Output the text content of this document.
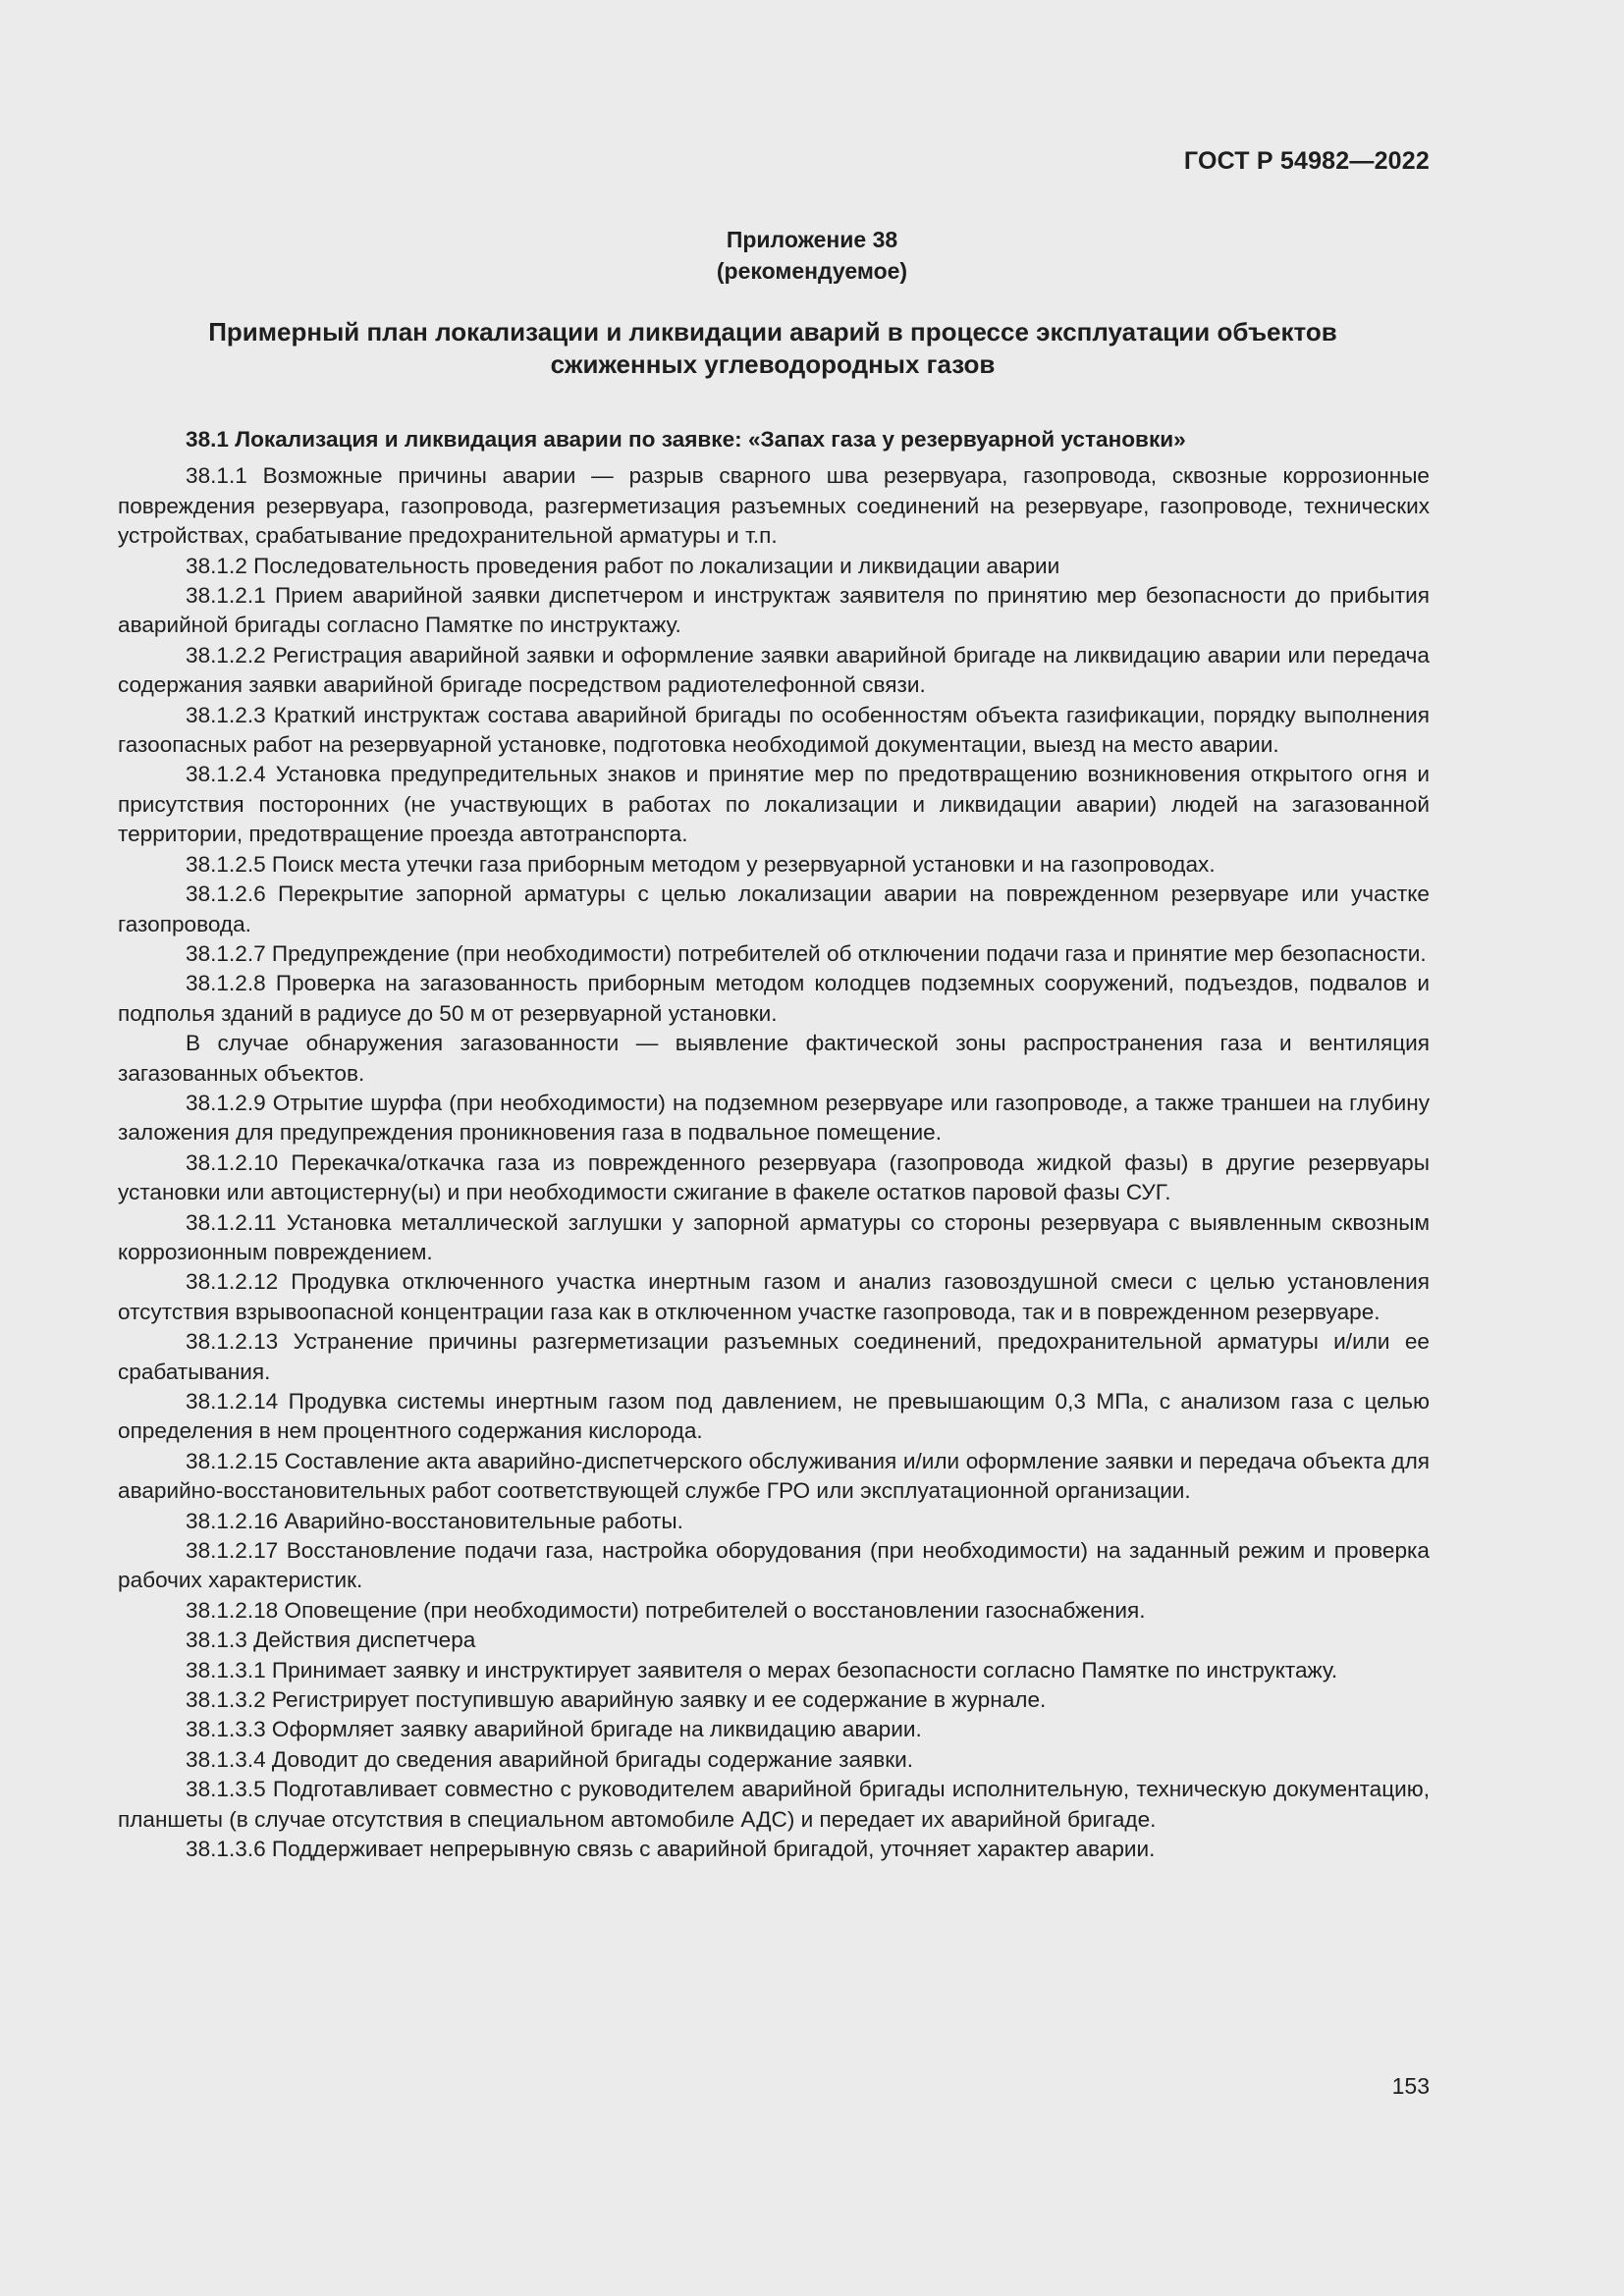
ГОСТ Р 54982—2022
Приложение 38
(рекомендуемое)
Примерный план локализации и ликвидации аварий в процессе эксплуатации объектов
сжиженных углеводородных газов

38.1 Локализация и ликвидация аварии по заявке: «Запах газа у резервуарной установки»

38.1.1 Возможные причины аварии — разрыв сварного шва резервуара, газопровода, сквозные коррозионные повреждения резервуара, газопровода, разгерметизация разъемных соединений на резервуаре, газопроводе, технических устройствах, срабатывание предохранительной арматуры и т.п.

38.1.2 Последовательность проведения работ по локализации и ликвидации аварии

38.1.2.1 Прием аварийной заявки диспетчером и инструктаж заявителя по принятию мер безопасности до прибытия аварийной бригады согласно Памятке по инструктажу.

38.1.2.2 Регистрация аварийной заявки и оформление заявки аварийной бригаде на ликвидацию аварии или передача содержания заявки аварийной бригаде посредством радиотелефонной связи.

38.1.2.3 Краткий инструктаж состава аварийной бригады по особенностям объекта газификации, порядку выполнения газоопасных работ на резервуарной установке, подготовка необходимой документации, выезд на место аварии.

38.1.2.4 Установка предупредительных знаков и принятие мер по предотвращению возникновения открытого огня и присутствия посторонних (не участвующих в работах по локализации и ликвидации аварии) людей на загазованной территории, предотвращение проезда автотранспорта.

38.1.2.5 Поиск места утечки газа приборным методом у резервуарной установки и на газопроводах.

38.1.2.6 Перекрытие запорной арматуры с целью локализации аварии на поврежденном резервуаре или участке газопровода.

38.1.2.7 Предупреждение (при необходимости) потребителей об отключении подачи газа и принятие мер безопасности.

38.1.2.8 Проверка на загазованность приборным методом колодцев подземных сооружений, подъездов, подвалов и подполья зданий в радиусе до 50 м от резервуарной установки.

В случае обнаружения загазованности — выявление фактической зоны распространения газа и вентиляция загазованных объектов.

38.1.2.9 Отрытие шурфа (при необходимости) на подземном резервуаре или газопроводе, а также траншеи на глубину заложения для предупреждения проникновения газа в подвальное помещение.

38.1.2.10 Перекачка/откачка газа из поврежденного резервуара (газопровода жидкой фазы) в другие резервуары установки или автоцистерну(ы) и при необходимости сжигание в факеле остатков паровой фазы СУГ.

38.1.2.11 Установка металлической заглушки у запорной арматуры со стороны резервуара с выявленным сквозным коррозионным повреждением.

38.1.2.12 Продувка отключенного участка инертным газом и анализ газовоздушной смеси с целью установления отсутствия взрывоопасной концентрации газа как в отключенном участке газопровода, так и в поврежденном резервуаре.

38.1.2.13 Устранение причины разгерметизации разъемных соединений, предохранительной арматуры и/или ее срабатывания.

38.1.2.14 Продувка системы инертным газом под давлением, не превышающим 0,3 МПа, с анализом газа с целью определения в нем процентного содержания кислорода.

38.1.2.15 Составление акта аварийно-диспетчерского обслуживания и/или оформление заявки и передача объекта для аварийно-восстановительных работ соответствующей службе ГРО или эксплуатационной организации.

38.1.2.16 Аварийно-восстановительные работы.

38.1.2.17 Восстановление подачи газа, настройка оборудования (при необходимости) на заданный режим и проверка рабочих характеристик.

38.1.2.18 Оповещение (при необходимости) потребителей о восстановлении газоснабжения.

38.1.3 Действия диспетчера

38.1.3.1 Принимает заявку и инструктирует заявителя о мерах безопасности согласно Памятке по инструктажу.

38.1.3.2 Регистрирует поступившую аварийную заявку и ее содержание в журнале.

38.1.3.3 Оформляет заявку аварийной бригаде на ликвидацию аварии.

38.1.3.4 Доводит до сведения аварийной бригады содержание заявки.

38.1.3.5 Подготавливает совместно с руководителем аварийной бригады исполнительную, техническую документацию, планшеты (в случае отсутствия в специальном автомобиле АДС) и передает их аварийной бригаде.

38.1.3.6 Поддерживает непрерывную связь с аварийной бригадой, уточняет характер аварии.

153
